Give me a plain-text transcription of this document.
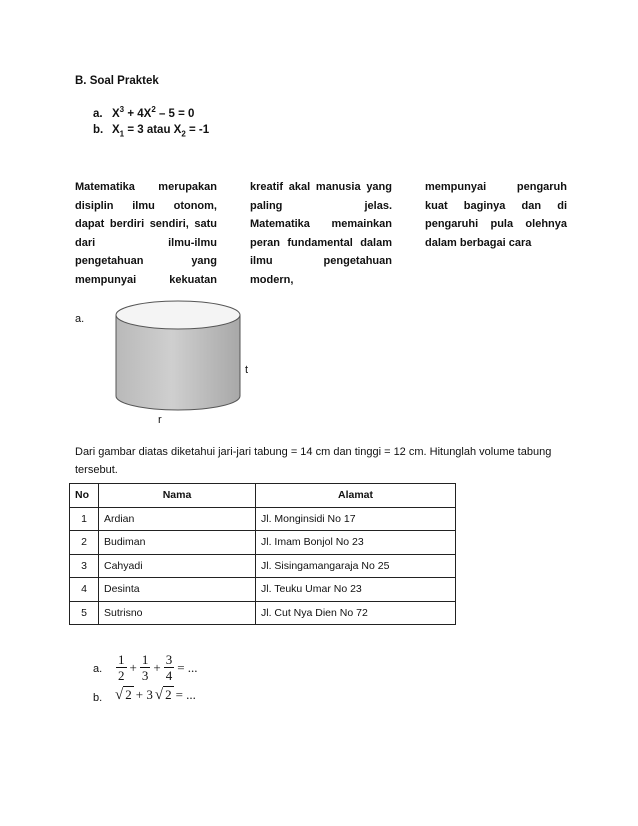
B. Soal Praktek
a. $X^3 + 4X^2 - 5 = 0$
b. $X_1 = 3$ atau $X_2 = -1$

Matematika merupakan

disiplin ilmu otonom,

dapat berdiri sendiri, satu

dari ilmu-ilmu

pengetahuan yang

mempunyai kekuatan

kreatif akal manusia yang

paling jelas.

Matematika memainkan

peran fundamental dalam

ilmu pengetahuan

modern,

mempunyai pengaruh

kuat baginya dan di

pengaruhi pula olehnya

dalam berbagai cara

a.
t
r
Dari gambar diatas diketahui jari-jari tabung = 14 cm dan tinggi = 12 cm. Hitunglah volume tabung tersebut.
No	Nama	Alamat
1	Ardian	Jl. Monginsidi No 17
2	Budiman	Jl. Imam Bonjol No 23
3	Cahyadi	Jl. Sisingamangaraja No 25
4	Desinta	Jl. Teuku Umar No 23
5	Sutrisno	Jl. Cut Nya Dien No 72
a. $\frac{1}{2} + \frac{1}{3} + \frac{3}{4}$ = ...
b. √ 2 + 3 √ 2 = ...
